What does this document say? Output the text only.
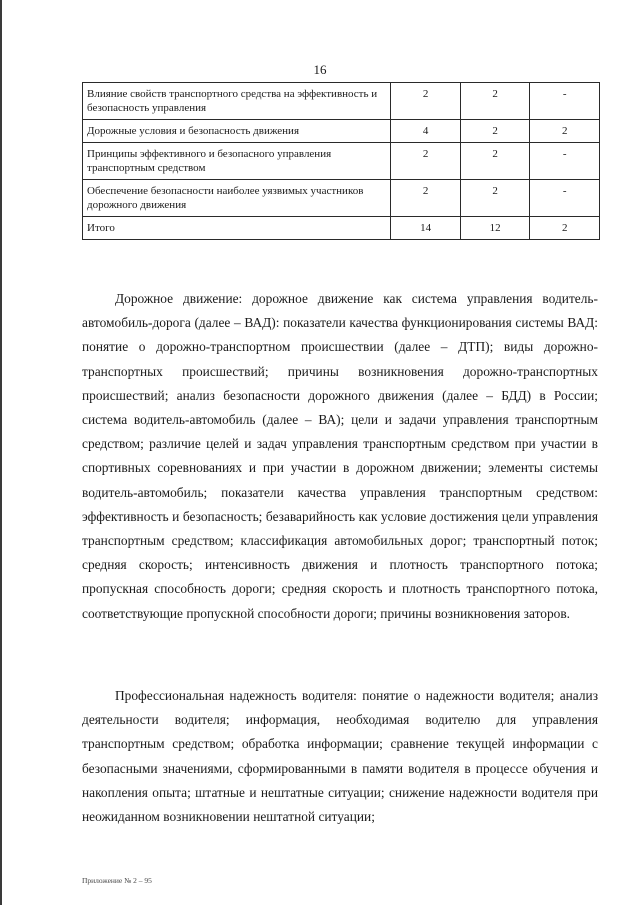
16
Влияние свойств транспортного средства на эффективность и безопасность управления	2	2	-
Дорожные условия и безопасность движения	4	2	2
Принципы эффективного и безопасного управления транспортным средством	2	2	-
Обеспечение безопасности наиболее уязвимых участников дорожного движения	2	2	-
Итого	14	12	2

Дорожное движение: дорожное движение как система управления водитель-автомобиль-дорога (далее – ВАД): показатели качества функционирования системы ВАД: понятие о дорожно-транспортном происшествии (далее – ДТП); виды дорожно-транспортных происшествий; причины возникновения дорожно-транспортных происшествий; анализ безопасности дорожного движения (далее – БДД) в России; система водитель-автомобиль (далее – ВА); цели и задачи управления транспортным средством; различие целей и задач управления транспортным средством при участии в спортивных соревнованиях и при участии в дорожном движении; элементы системы водитель-автомобиль; показатели качества управления транспортным средством: эффективность и безопасность; безаварийность как условие достижения цели управления транспортным средством; классификация автомобильных дорог; транспортный поток; средняя скорость; интенсивность движения и плотность транспортного потока; пропускная способность дороги; средняя скорость и плотность транспортного потока, соответствующие пропускной способности дороги; причины возникновения заторов.

Профессиональная надежность водителя: понятие о надежности водителя; анализ деятельности водителя; информация, необходимая водителю для управления транспортным средством; обработка информации; сравнение текущей информации с безопасными значениями, сформированными в памяти водителя в процессе обучения и накопления опыта; штатные и нештатные ситуации; снижение надежности водителя при неожиданном возникновении нештатной ситуации;

Приложение № 2 – 95
